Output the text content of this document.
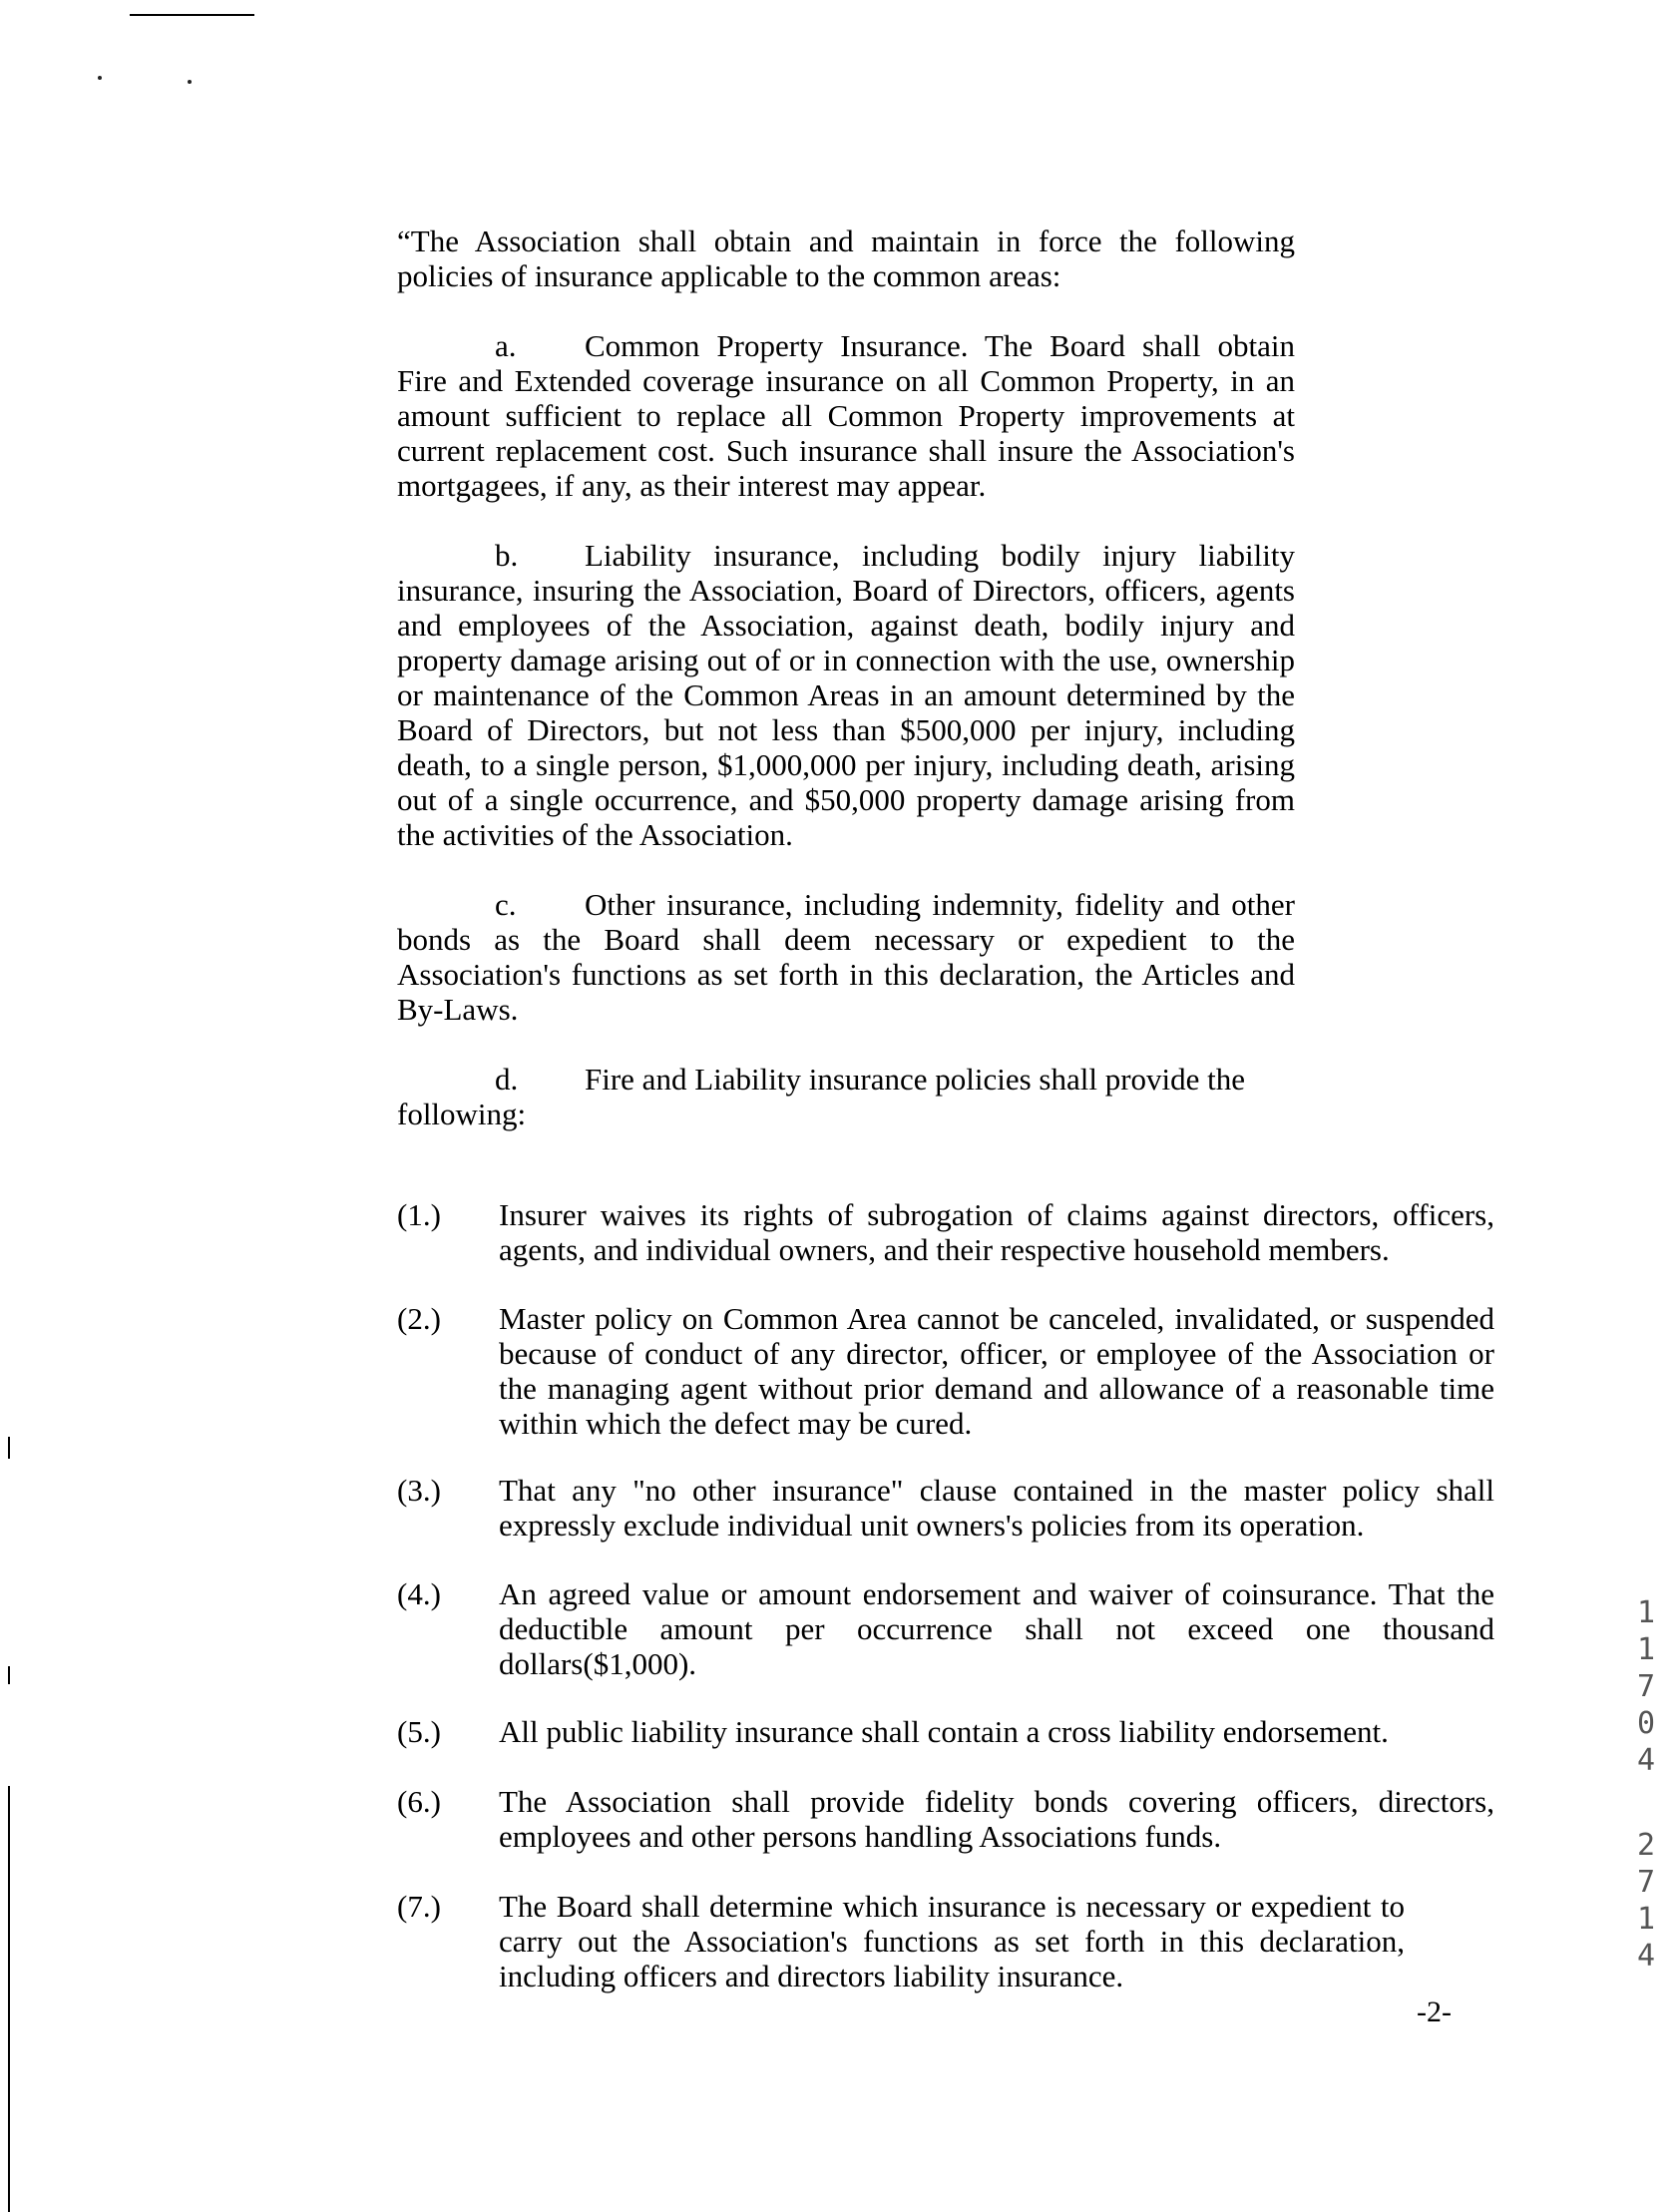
“The Association shall obtain and maintain in force the following policies of insurance applicable to the common areas:

a. Common Property Insurance. The Board shall obtain Fire and Extended coverage insurance on all Common Property, in an amount sufficient to replace all Common Property improvements at current replacement cost. Such insurance shall insure the Association's mortgagees, if any, as their interest may appear.

b. Liability insurance, including bodily injury liability insurance, insuring the Association, Board of Directors, officers, agents and employees of the Association, against death, bodily injury and property damage arising out of or in connection with the use, ownership or maintenance of the Common Areas in an amount determined by the Board of Directors, but not less than $500,000 per injury, including death, to a single person, $1,000,000 per injury, including death, arising out of a single occurrence, and $50,000 property damage arising from the activities of the Association.

c. Other insurance, including indemnity, fidelity and other bonds as the Board shall deem necessary or expedient to the Association's functions as set forth in this declaration, the Articles and By-Laws.

d. Fire and Liability insurance policies shall provide the following:

(1.) Insurer waives its rights of subrogation of claims against directors, officers, agents, and individual owners, and their respective household members.
(2.) Master policy on Common Area cannot be canceled, invalidated, or suspended because of conduct of any director, officer, or employee of the Association or the managing agent without prior demand and allowance of a reasonable time within which the defect may be cured.
(3.) That any "no other insurance" clause contained in the master policy shall expressly exclude individual unit owners's policies from its operation.
(4.) An agreed value or amount endorsement and waiver of coinsurance. That the deductible amount per occurrence shall not exceed one thousand dollars($1,000).
(5.) All public liability insurance shall contain a cross liability endorsement.
(6.) The Association shall provide fidelity bonds covering officers, directors, employees and other persons handling Associations funds.
(7.) The Board shall determine which insurance is necessary or expedient to carry out the Association's functions as set forth in this declaration, including officers and directors liability insurance.
-2-
1
1
7
0
4
2
7
1
4
